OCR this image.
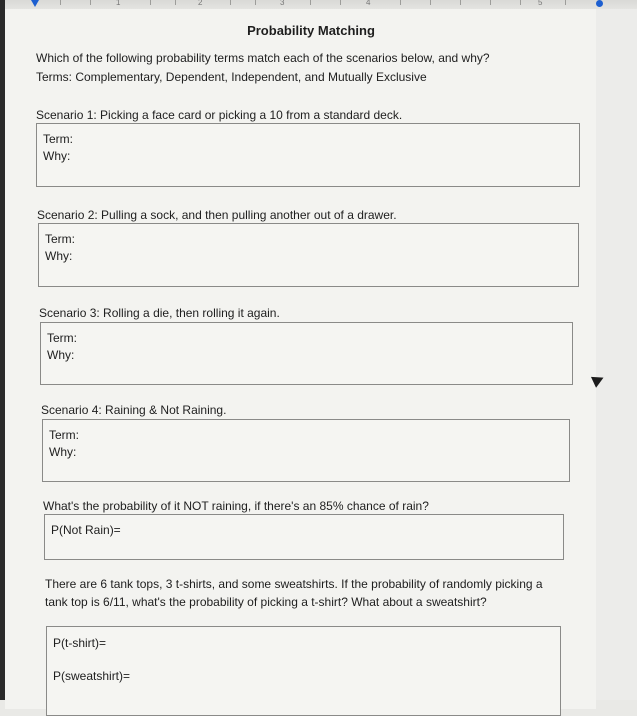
1	2	3	4	5
Probability Matching
Which of the following probability terms match each of the scenarios below, and why?
Terms: Complementary, Dependent, Independent, and Mutually Exclusive
Scenario 1: Picking a face card or picking a 10 from a standard deck.
Term:
Why:
Scenario 2: Pulling a sock, and then pulling another out of a drawer.
Term:
Why:
Scenario 3: Rolling a die, then rolling it again.
Term:
Why:
Scenario 4: Raining & Not Raining.
Term:
Why:
What's the probability of it NOT raining, if there's an 85% chance of rain?
P(Not Rain)=
There are 6 tank tops, 3 t-shirts, and some sweatshirts. If the probability of randomly picking a
tank top is 6/11, what's the probability of picking a t-shirt? What about a sweatshirt?
P(t-shirt)=
P(sweatshirt)=
